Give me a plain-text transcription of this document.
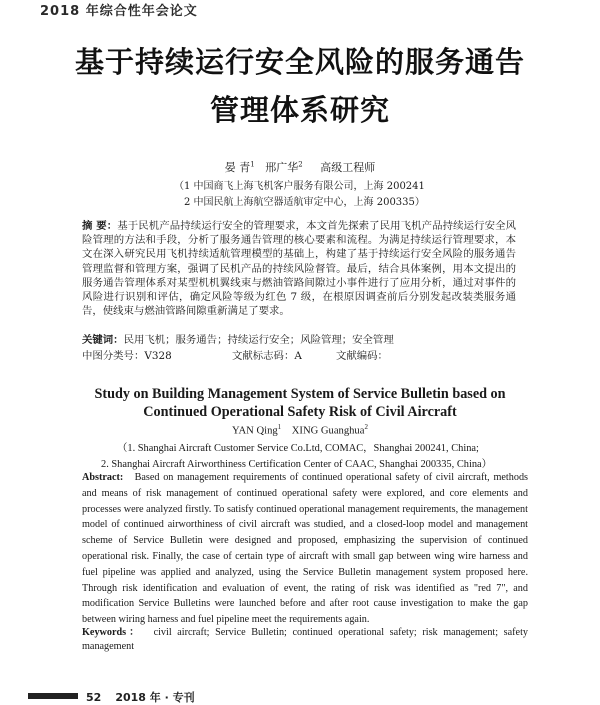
2018 年综合性年会论文
基于持续运行安全风险的服务通告
管理体系研究
晏 青$^1$ 邢广华$^2$ 高级工程师
（1 中国商飞上海飞机客户服务有限公司，上海 200241
2 中国民航上海航空器适航审定中心，上海 200335）
摘 要：基于民机产品持续运行安全的管理要求，本文首先探索了民用飞机产品持续运行安全风险管理的方法和手段，分析了服务通告管理的核心要素和流程。为满足持续运行管理要求，本文在深入研究民用飞机持续适航管理模型的基础上，构建了基于持续运行安全风险的服务通告管理监督和管理方案，强调了民机产品的持续风险督管。最后，结合具体案例，用本文提出的服务通告管理体系对某型机机翼线束与燃油管路间隙过小事件进行了应用分析，通过对事件的风险进行识别和评估，确定风险等级为红色 7 级，在根原因调查前后分别发起改装类服务通告，使线束与燃油管路间隙重新满足了要求。
关键词：民用飞机；服务通告；持续运行安全；风险管理；安全管理
中图分类号：V328	文献标志码：A	文献编码：
Study on Building Management System of Service Bulletin based on
Continued Operational Safety Risk of Civil Aircraft
YAN Qing$^1$ XING Guanghua$^2$
（1. Shanghai Aircraft Customer Service Co.Ltd, COMAC，Shanghai 200241, China;
2. Shanghai Aircraft Airworthiness Certification Center of CAAC, Shanghai 200335, China）
Abstract: Based on management requirements of continued operational safety of civil aircraft, methods and means of risk management of continued operational safety were explored, and core elements and processes were analyzed firstly. To satisfy continued operational management requirements, the management model of continued airworthiness of civil aircraft was studied, and a closed-loop model and management scheme of Service Bulletin were designed and proposed, emphasizing the supervision of continued operational risk. Finally, the case of certain type of aircraft with small gap between wing wire harness and fuel pipeline was applied and analyzed, using the Service Bulletin management system proposed here. Through risk identification and evaluation of event, the rating of risk was identified as "red 7", and modification Service Bulletins were launched before and after root cause investigation to make the gap between wiring harness and fuel pipeline meet the requirements again.
Keywords： civil aircraft; Service Bulletin; continued operational safety; risk management; safety management
52 2018 年 · 专刊
